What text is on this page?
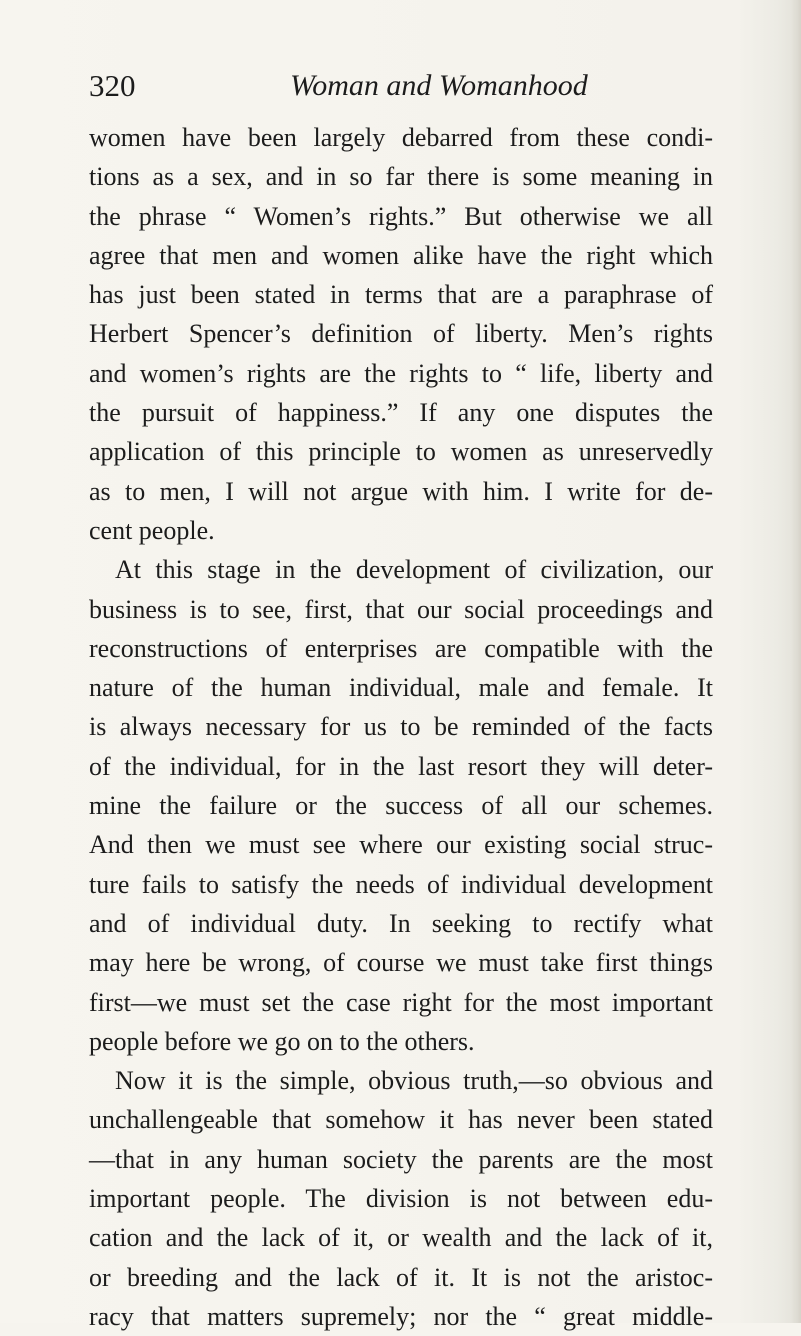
320	Woman and Womanhood
women have been largely debarred from these condi-
tions as a sex, and in so far there is some meaning in
the phrase “ Women’s rights.” But otherwise we all
agree that men and women alike have the right which
has just been stated in terms that are a paraphrase of
Herbert Spencer’s definition of liberty. Men’s rights
and women’s rights are the rights to “ life, liberty and
the pursuit of happiness.” If any one disputes the
application of this principle to women as unreservedly
as to men, I will not argue with him. I write for de-
cent people.
At this stage in the development of civilization, our
business is to see, first, that our social proceedings and
reconstructions of enterprises are compatible with the
nature of the human individual, male and female. It
is always necessary for us to be reminded of the facts
of the individual, for in the last resort they will deter-
mine the failure or the success of all our schemes.
And then we must see where our existing social struc-
ture fails to satisfy the needs of individual development
and of individual duty. In seeking to rectify what
may here be wrong, of course we must take first things
first—we must set the case right for the most important
people before we go on to the others.
Now it is the simple, obvious truth,—so obvious and
unchallengeable that somehow it has never been stated
—that in any human society the parents are the most
important people. The division is not between edu-
cation and the lack of it, or wealth and the lack of it,
or breeding and the lack of it. It is not the aristoc-
racy that matters supremely; nor the “ great middle-
